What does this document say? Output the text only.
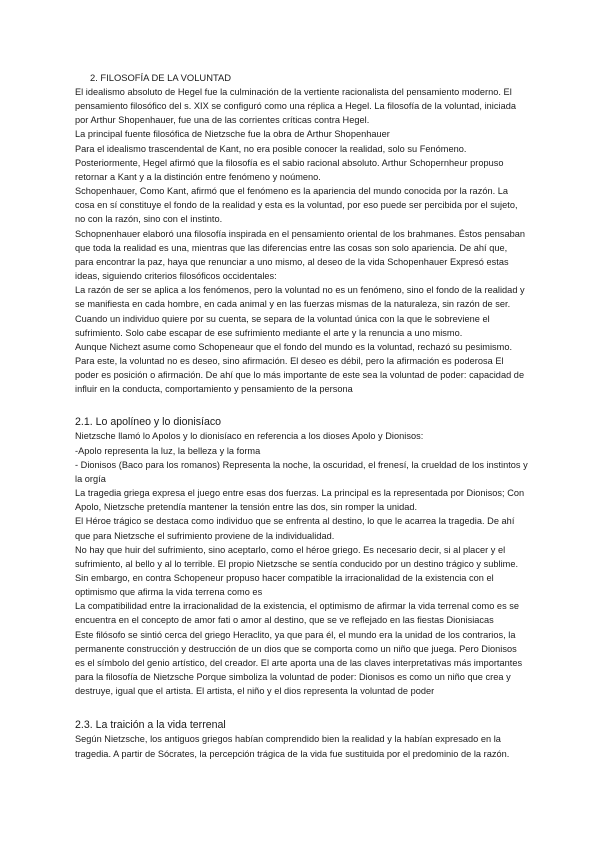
2. FILOSOFÍA DE LA VOLUNTAD

El idealismo absoluto de Hegel fue la culminación de la vertiente racionalista del pensamiento moderno. El pensamiento filosófico del s. XIX se configuró como una réplica a Hegel. La filosofía de la voluntad, iniciada por Arthur Shopenhauer, fue una de las corrientes críticas contra Hegel.

La principal fuente filosófica de Nietzsche fue la obra de Arthur Shopenhauer

Para el idealismo trascendental de Kant, no era posible conocer la realidad, solo su Fenómeno.

Posteriormente, Hegel afirmó que la filosofía es el sabio racional absoluto. Arthur Schopernheur propuso retornar a Kant y a la distinción entre fenómeno y noúmeno.

Schopenhauer, Como Kant, afirmó que el fenómeno es la apariencia del mundo conocida por la razón. La cosa en sí constituye el fondo de la realidad y esta es la voluntad, por eso puede ser percibida por el sujeto, no con la razón, sino con el instinto.

Schopnenhauer elaboró una filosofía inspirada en el pensamiento oriental de los brahmanes. Éstos pensaban que toda la realidad es una, mientras que las diferencias entre las cosas son solo apariencia. De ahí que, para encontrar la paz, haya que renunciar a uno mismo, al deseo de la vida Schopenhauer Expresó estas ideas, siguiendo criterios filosóficos occidentales:

La razón de ser se aplica a los fenómenos, pero la voluntad no es un fenómeno, sino el fondo de la realidad y se manifiesta en cada hombre, en cada animal y en las fuerzas mismas de la naturaleza, sin razón de ser. Cuando un individuo quiere por su cuenta, se separa de la voluntad única con la que le sobreviene el sufrimiento. Solo cabe escapar de ese sufrimiento mediante el arte y la renuncia a uno mismo.

Aunque Nichezt asume como Schopeneaur que el fondo del mundo es la voluntad, rechazó su pesimismo. Para este, la voluntad no es deseo, sino afirmación. El deseo es débil, pero la afirmación es poderosa El poder es posición o afirmación. De ahí que lo más importante de este sea la voluntad de poder: capacidad de influir en la conducta, comportamiento y pensamiento de la persona

2.1. Lo apolíneo y lo dionisíaco

Nietzsche llamó lo Apolos y lo dionisíaco en referencia a los dioses Apolo y Dionisos:

-Apolo representa la luz, la belleza y la forma

- Dionisos (Baco para los romanos) Representa la noche, la oscuridad, el frenesí, la crueldad de los instintos y la orgía

La tragedia griega expresa el juego entre esas dos fuerzas. La principal es la representada por Dionisos; Con Apolo, Nietzsche pretendía mantener la tensión entre las dos, sin romper la unidad.

El Héroe trágico se destaca como individuo que se enfrenta al destino, lo que le acarrea la tragedia. De ahí que para Nietzsche el sufrimiento proviene de la individualidad.

No hay que huir del sufrimiento, sino aceptarlo, como el héroe griego. Es necesario decir, si al placer y el sufrimiento, al bello y al lo terrible. El propio Nietzsche se sentía conducido por un destino trágico y sublime. Sin embargo, en contra Schopeneur propuso hacer compatible la irracionalidad de la existencia con el optimismo que afirma la vida terrena como es

La compatibilidad entre la irracionalidad de la existencia, el optimismo de afirmar la vida terrenal como es se encuentra en el concepto de amor fati o amor al destino, que se ve reflejado en las fiestas Dionisiacas

Este filósofo se sintió cerca del griego Heraclito, ya que para él, el mundo era la unidad de los contrarios, la permanente construcción y destrucción de un dios que se comporta como un niño que juega. Pero Dionisos es el símbolo del genio artístico, del creador. El arte aporta una de las claves interpretativas más importantes para la filosofía de Nietzsche Porque simboliza la voluntad de poder: Dionisos es como un niño que crea y destruye, igual que el artista. El artista, el niño y el dios representa la voluntad de poder

2.3. La traición a la vida terrenal

Según Nietzsche, los antiguos griegos habían comprendido bien la realidad y la habían expresado en la tragedia. A partir de Sócrates, la percepción trágica de la vida fue sustituida por el predominio de la razón.
